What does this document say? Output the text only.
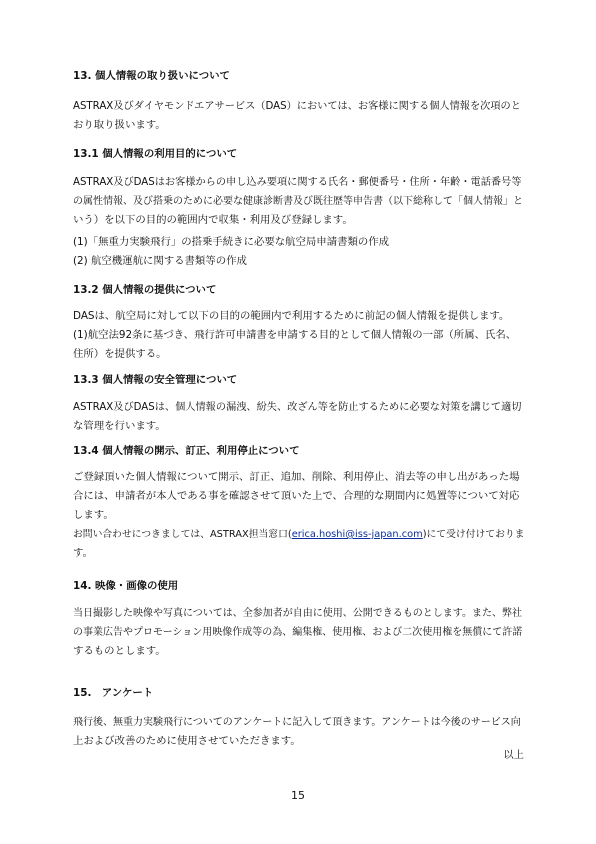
13. 個人情報の取り扱いについて
ASTRAX及びダイヤモンドエアサービス（DAS）においては、お客様に関する個人情報を次項のと
おり取り扱います。
13.1 個人情報の利用目的について
ASTRAX及びDASはお客様からの申し込み要項に関する氏名・郵便番号・住所・年齢・電話番号等
の属性情報、及び搭乗のために必要な健康診断書及び既往歴等申告書（以下総称して「個人情報」と
いう）を以下の目的の範囲内で収集・利用及び登録します。
(1)「無重力実験飛行」の搭乗手続きに必要な航空局申請書類の作成
(2) 航空機運航に関する書類等の作成
13.2 個人情報の提供について
DASは、航空局に対して以下の目的の範囲内で利用するために前記の個人情報を提供します。
(1)航空法92条に基づき、飛行許可申請書を申請する目的として個人情報の一部（所属、氏名、
住所）を提供する。
13.3 個人情報の安全管理について
ASTRAX及びDASは、個人情報の漏洩、紛失、改ざん等を防止するために必要な対策を講じて適切
な管理を行います。
13.4 個人情報の開示、訂正、利用停止について
ご登録頂いた個人情報について開示、訂正、追加、削除、利用停止、消去等の申し出があった場
合には、申請者が本人である事を確認させて頂いた上で、合理的な期間内に処置等について対応
します。
お問い合わせにつきましては、ASTRAX担当窓口(erica.hoshi@iss-japan.com)にて受け付けておりま
す。
14. 映像・画像の使用
当日撮影した映像や写真については、全参加者が自由に使用、公開できるものとします。また、弊社
の事業広告やプロモーション用映像作成等の為、編集権、使用権、および二次使用権を無償にて許諾
するものとします。
15.　アンケート
飛行後、無重力実験飛行についてのアンケートに記入して頂きます。アンケートは今後のサービス向
上および改善のために使用させていただきます。
以上
15
